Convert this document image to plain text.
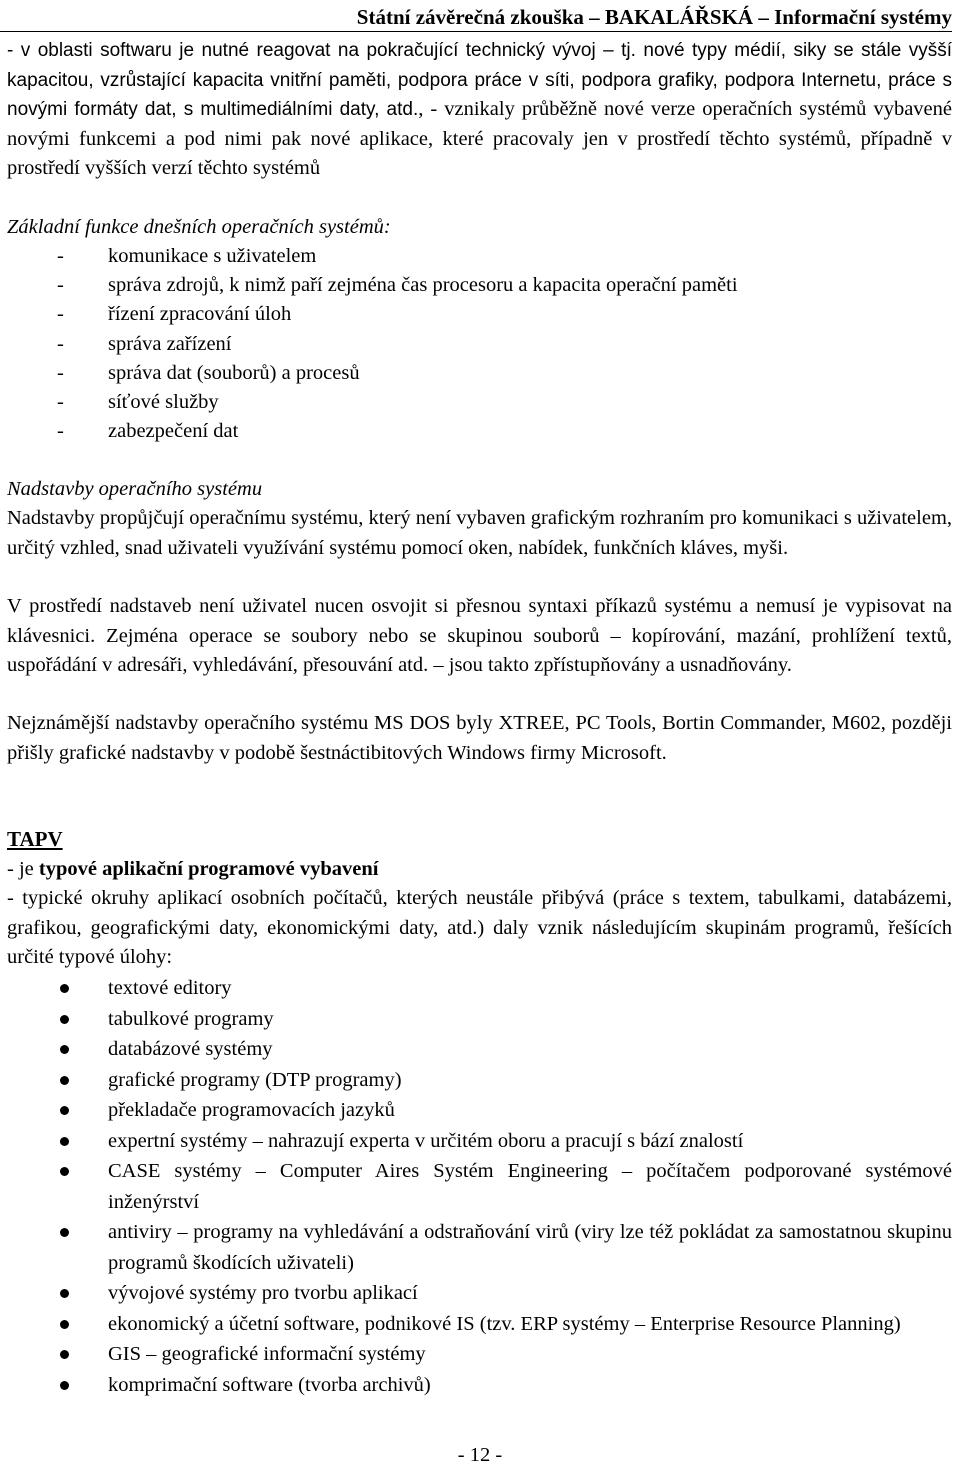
Státní závěrečná zkouška – BAKALÁŘSKÁ – Informační systémy

- v oblasti softwaru je nutné reagovat na pokračující technický vývoj – tj. nové typy médií, siky se stále vyšší kapacitou, vzrůstající kapacita vnitřní paměti, podpora práce v síti, podpora grafiky, podpora Internetu, práce s novými formáty dat, s multimediálními daty, atd., - vznikaly průběžně nové verze operačních systémů vybavené novými funkcemi a pod nimi pak nové aplikace, které pracovaly jen v prostředí těchto systémů, případně v prostředí vyšších verzí těchto systémů

Základní funkce dnešních operačních systémů:

- komunikace s uživatelem
- správa zdrojů, k nimž paří zejména čas procesoru a kapacita operační paměti
- řízení zpracování úloh
- správa zařízení
- správa dat (souborů) a procesů
- síťové služby
- zabezpečení dat

Nadstavby operačního systému

Nadstavby propůjčují operačnímu systému, který není vybaven grafickým rozhraním pro komunikaci s uživatelem, určitý vzhled, snad uživateli využívání systému pomocí oken, nabídek, funkčních kláves, myši.

V prostředí nadstaveb není uživatel nucen osvojit si přesnou syntaxi příkazů systému a nemusí je vypisovat na klávesnici. Zejména operace se soubory nebo se skupinou souborů – kopírování, mazání, prohlížení textů, uspořádání v adresáři, vyhledávání, přesouvání atd. – jsou takto zpřístupňovány a usnadňovány.

Nejznámější nadstavby operačního systému MS DOS byly XTREE, PC Tools, Bortin Commander, M602, později přišly grafické nadstavby v podobě šestnáctibitových Windows firmy Microsoft.

TAPV

- je typové aplikační programové vybavení

- typické okruhy aplikací osobních počítačů, kterých neustále přibývá (práce s textem, tabulkami, databázemi, grafikou, geografickými daty, ekonomickými daty, atd.) daly vznik následujícím skupinám programů, řešících určité typové úlohy:

textové editory
tabulkové programy
databázové systémy
grafické programy (DTP programy)
překladače programovacích jazyků
expertní systémy – nahrazují experta v určitém oboru a pracují s bází znalostí
CASE systémy – Computer Aires Systém Engineering – počítačem podporované systémové inženýrství
antiviry – programy na vyhledávání a odstraňování virů (viry lze též pokládat za samostatnou skupinu programů škodících uživateli)
vývojové systémy pro tvorbu aplikací
ekonomický a účetní software, podnikové IS (tzv. ERP systémy – Enterprise Resource Planning)
GIS – geografické informační systémy
komprimační software (tvorba archivů)
- 12 -
